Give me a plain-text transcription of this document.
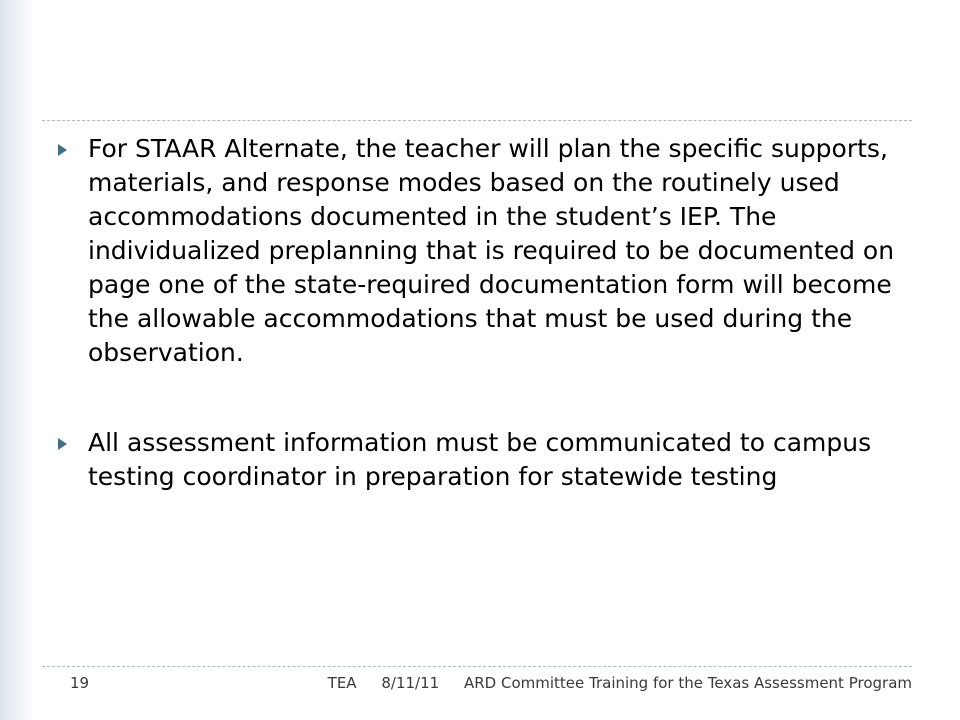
For STAAR Alternate, the teacher will plan the specific supports, materials, and response modes based on the routinely used accommodations documented in the student’s IEP. The individualized preplanning that is required to be documented on page one of the state-required documentation form will become the allowable accommodations that must be used during the observation.
All assessment information must be communicated to campus testing coordinator in preparation for statewide testing
19	TEA 8/11/11 ARD Committee Training for the Texas Assessment Program
